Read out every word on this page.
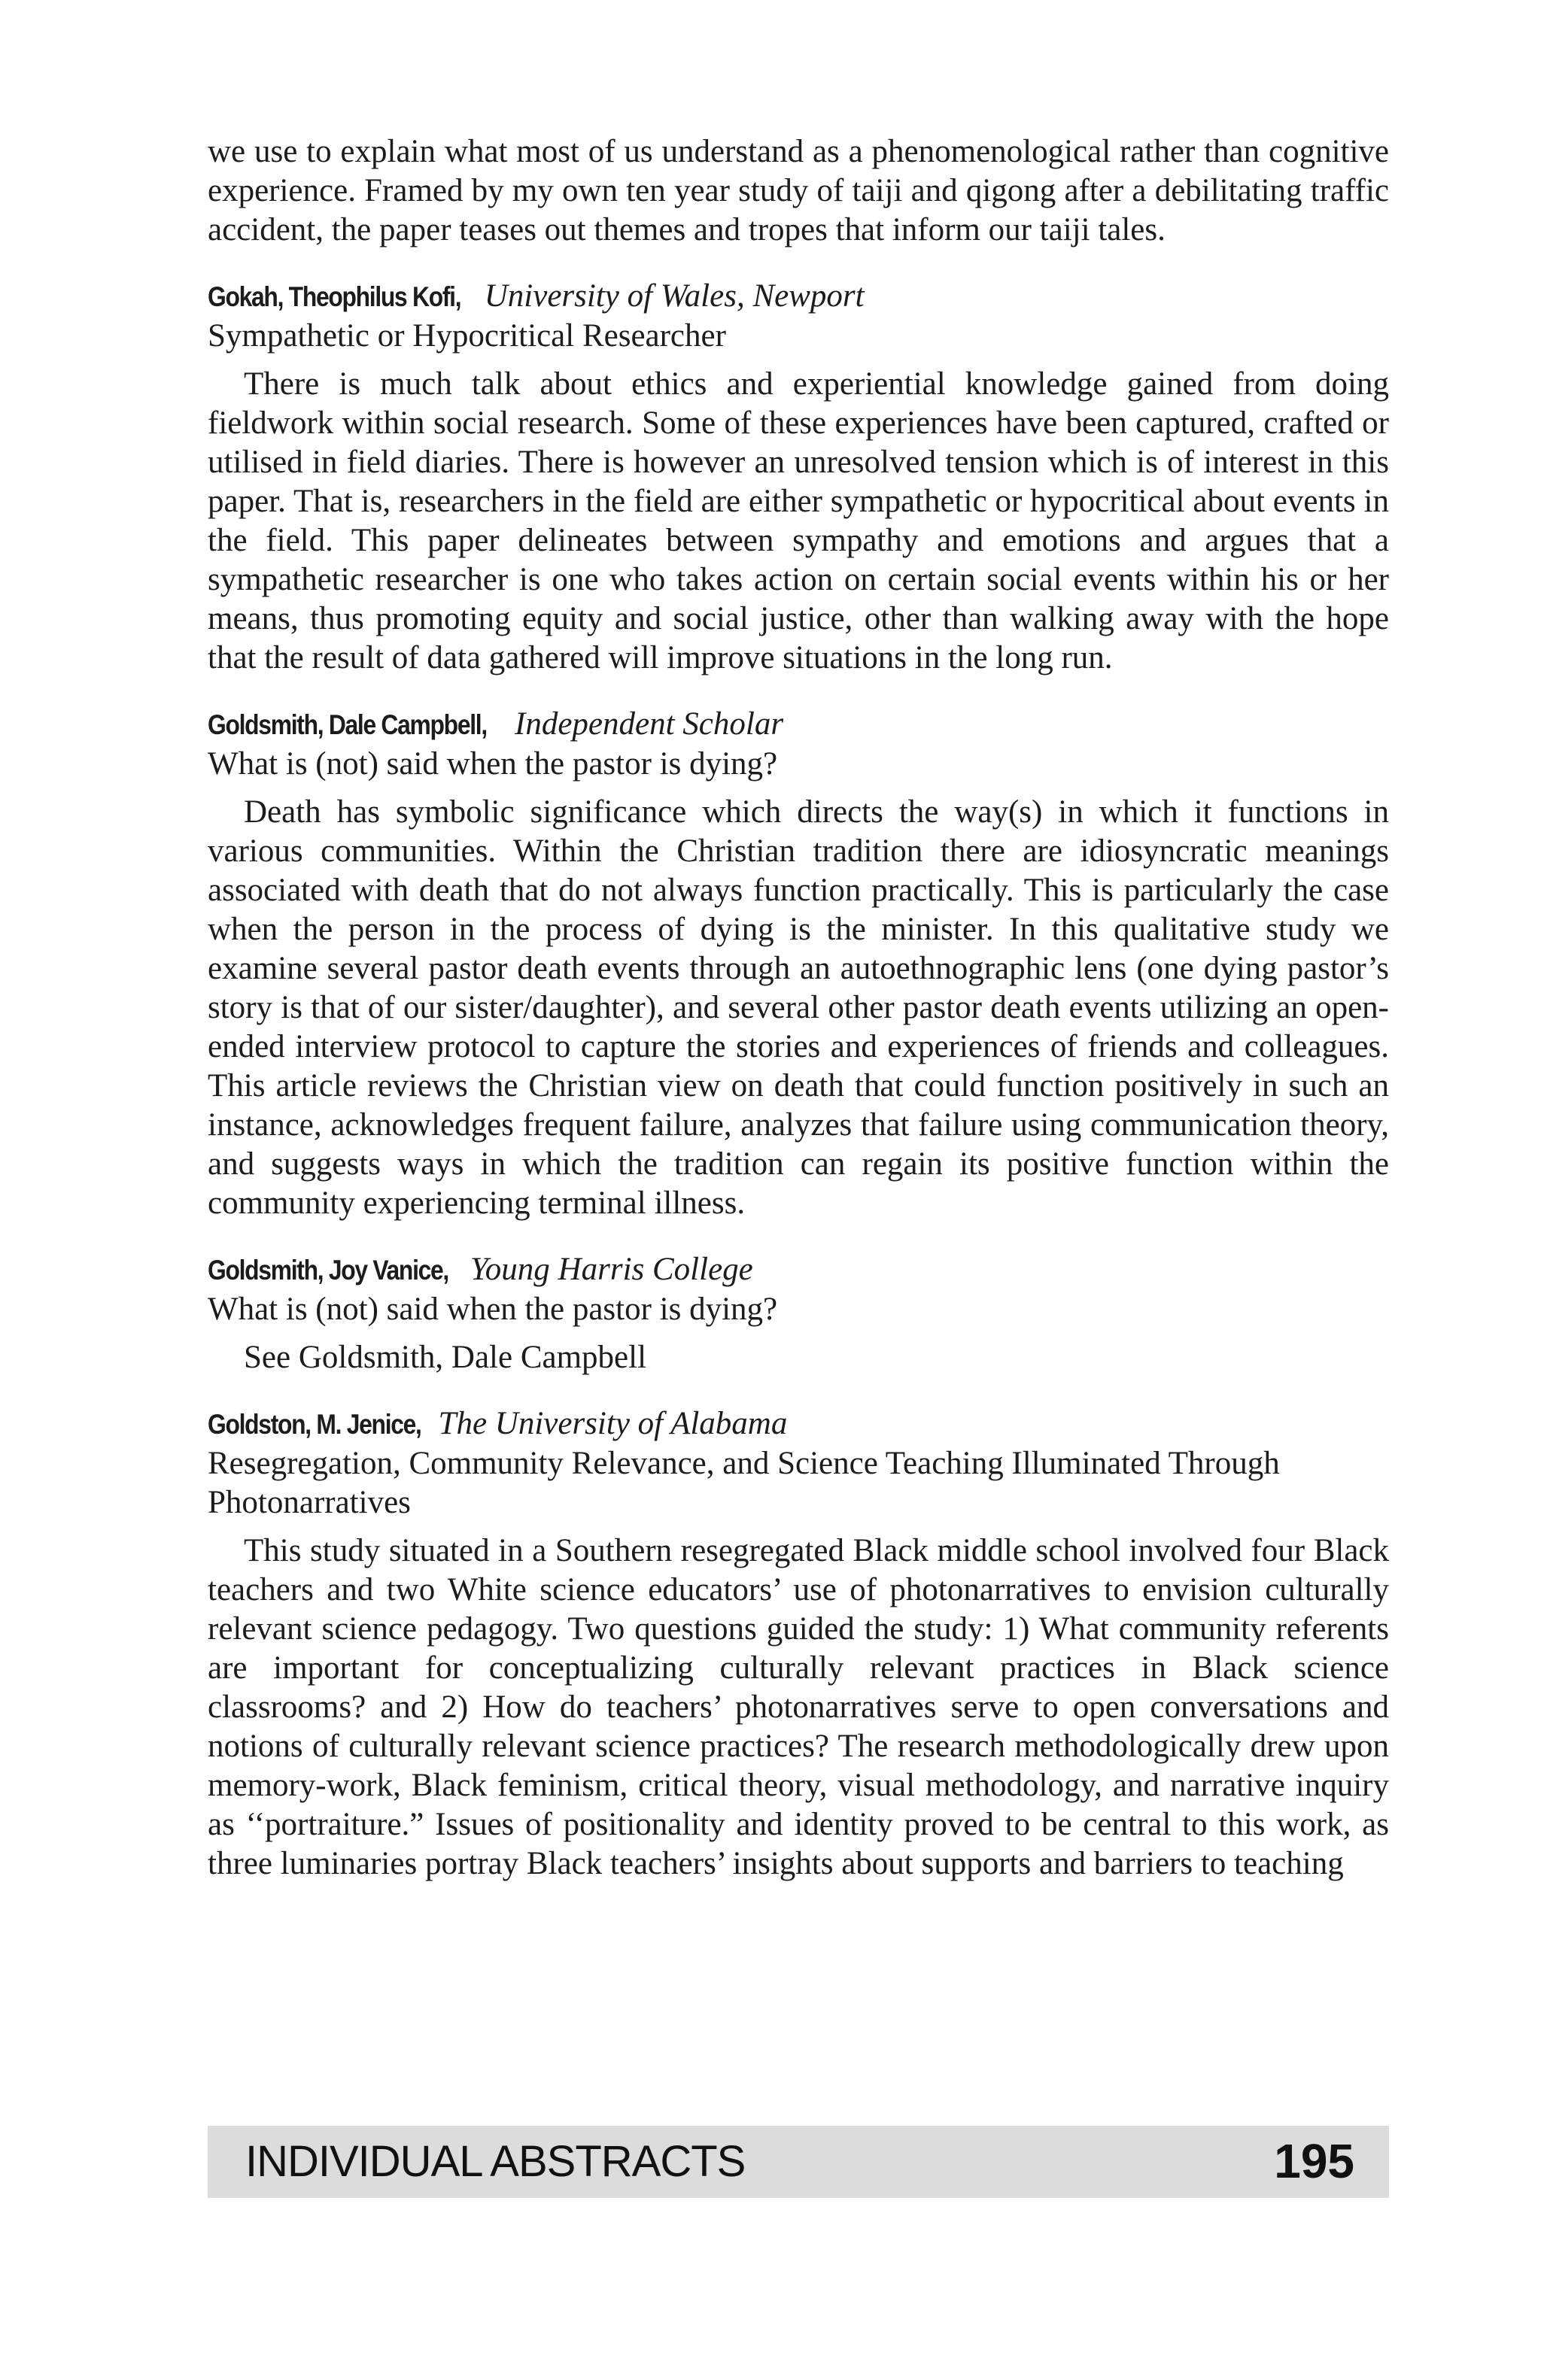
we use to explain what most of us understand as a phenomenological rather than cognitive experience. Framed by my own ten year study of taiji and qigong after a debilitating traffic accident, the paper teases out themes and tropes that inform our taiji tales.

Gokah, Theophilus Kofi, University of Wales, Newport

Sympathetic or Hypocritical Researcher

There is much talk about ethics and experiential knowledge gained from doing fieldwork within social research. Some of these experiences have been captured, crafted or utilised in field diaries. There is however an unresolved tension which is of interest in this paper. That is, researchers in the field are either sympathetic or hypocritical about events in the field. This paper delineates between sympathy and emotions and argues that a sympathetic researcher is one who takes action on certain social events within his or her means, thus promoting equity and social justice, other than walking away with the hope that the result of data gathered will improve situations in the long run.

Goldsmith, Dale Campbell, Independent Scholar

What is (not) said when the pastor is dying?

Death has symbolic significance which directs the way(s) in which it functions in various communities. Within the Christian tradition there are idiosyncratic meanings associated with death that do not always function practically. This is particularly the case when the person in the process of dying is the minister. In this qualitative study we examine several pastor death events through an autoethnographic lens (one dying pastor’s story is that of our sister/daughter), and several other pastor death events utilizing an open-ended interview protocol to capture the stories and experiences of friends and colleagues. This article reviews the Christian view on death that could function positively in such an instance, acknowledges frequent failure, analyzes that failure using communication theory, and suggests ways in which the tradition can regain its positive function within the community experiencing terminal illness.

Goldsmith, Joy Vanice, Young Harris College

What is (not) said when the pastor is dying?

See Goldsmith, Dale Campbell

Goldston, M. Jenice, The University of Alabama

Resegregation, Community Relevance, and Science Teaching Illuminated Through Photonarratives

This study situated in a Southern resegregated Black middle school involved four Black teachers and two White science educators’ use of photonarratives to envision culturally relevant science pedagogy. Two questions guided the study: 1) What community referents are important for conceptualizing culturally relevant practices in Black science classrooms? and 2) How do teachers’ photonarratives serve to open conversations and notions of culturally relevant science practices? The research methodologically drew upon memory-work, Black feminism, critical theory, visual methodology, and narrative inquiry as ‘‘portraiture.” Issues of positionality and identity proved to be central to this work, as three luminaries portray Black teachers’ insights about supports and barriers to teaching

INDIVIDUAL ABSTRACTS	195
